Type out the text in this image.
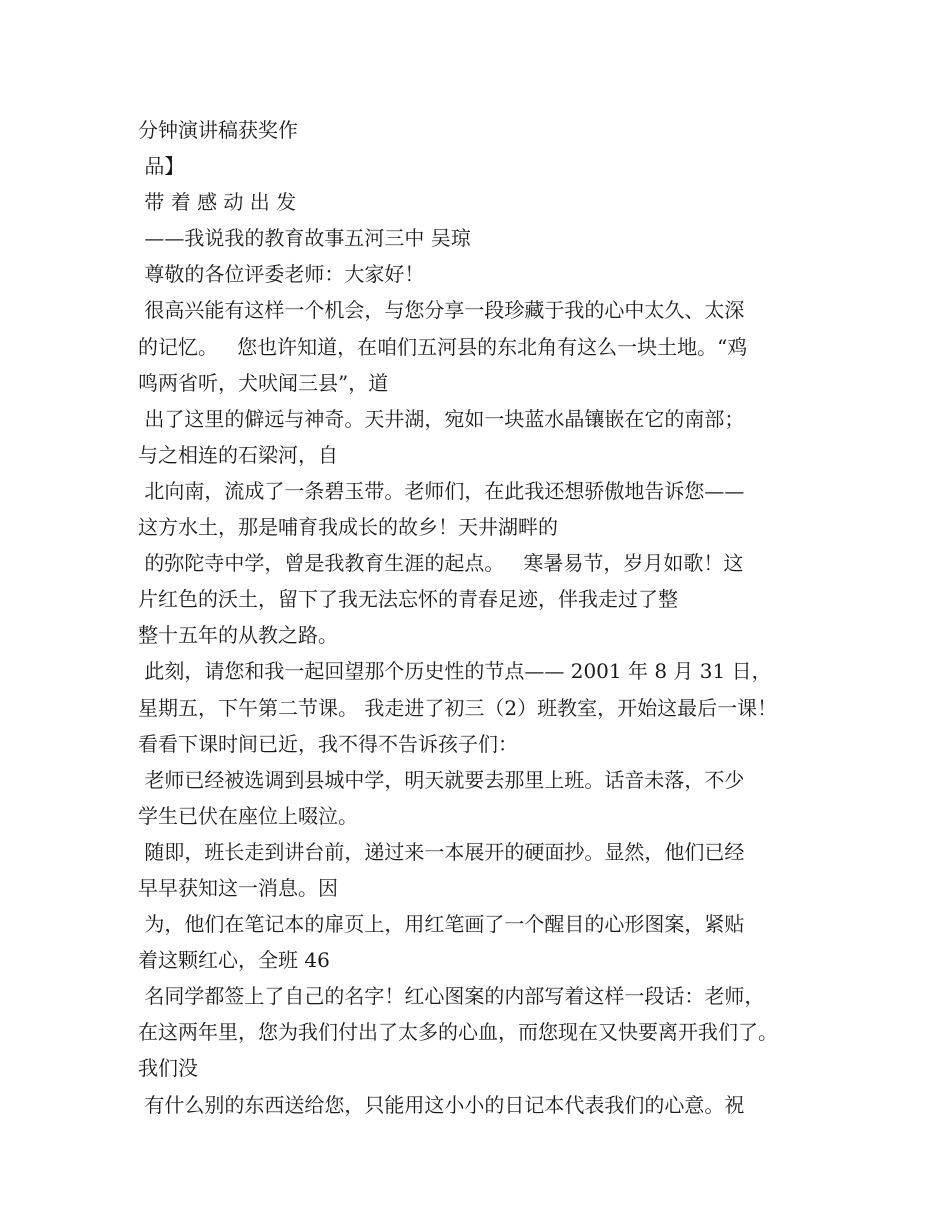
分钟演讲稿获奖作
品】
带 着 感 动 出 发
——我说我的教育故事五河三中 吴琼
尊敬的各位评委老师：大家好！
很高兴能有这样一个机会，与您分享一段珍藏于我的心中太久、太深
的记忆。   您也许知道，在咱们五河县的东北角有这么一块土地。“鸡
鸣两省听，犬吠闻三县”，道
出了这里的僻远与神奇。天井湖，宛如一块蓝水晶镶嵌在它的南部；
与之相连的石梁河，自
北向南，流成了一条碧玉带。老师们，在此我还想骄傲地告诉您——
这方水土，那是哺育我成长的故乡！天井湖畔的
的弥陀寺中学，曾是我教育生涯的起点。   寒暑易节，岁月如歌！这
片红色的沃土，留下了我无法忘怀的青春足迹，伴我走过了整
整十五年的从教之路。
此刻，请您和我一起回望那个历史性的节点—— 2001 年 8 月 31 日，
星期五，下午第二节课。 我走进了初三（2）班教室，开始这最后一课！
看看下课时间已近，我不得不告诉孩子们：
老师已经被选调到县城中学，明天就要去那里上班。话音未落，不少
学生已伏在座位上啜泣。
随即，班长走到讲台前，递过来一本展开的硬面抄。显然，他们已经
早早获知这一消息。因
为，他们在笔记本的扉页上，用红笔画了一个醒目的心形图案，紧贴
着这颗红心，全班 46
名同学都签上了自己的名字！红心图案的内部写着这样一段话：老师，
在这两年里，您为我们付出了太多的心血，而您现在又快要离开我们了。
我们没
有什么别的东西送给您，只能用这小小的日记本代表我们的心意。祝
